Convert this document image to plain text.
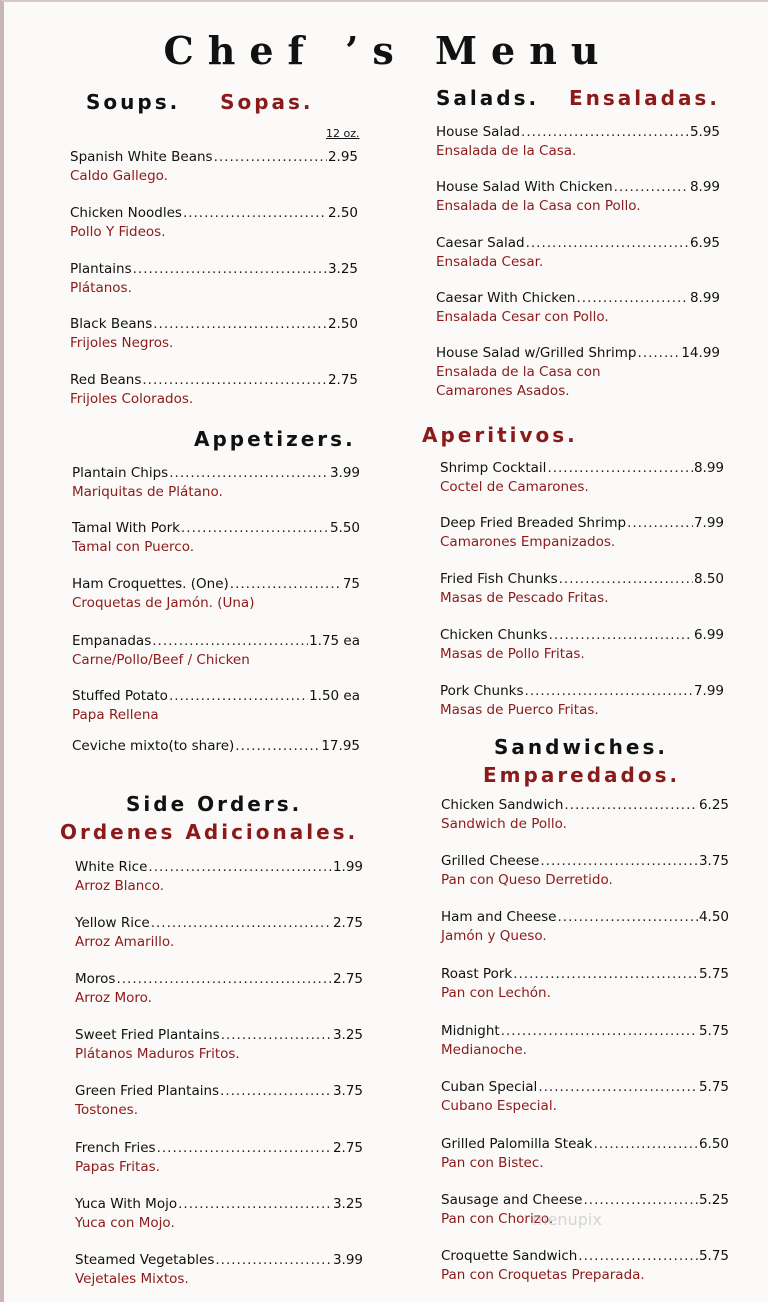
Chef ’s Menu
Soups. Sopas.
12 oz.
Salads. Ensaladas.
Appetizers.	Aperitivos.
Side Orders.
Ordenes Adicionales.
Sandwiches.
Emparedados.
Spanish White Beans .....	2.95
Caldo Gallego.
Chicken Noodles .....	2.50
Pollo Y Fideos.
Plantains .....	3.25
Plátanos.
Black Beans .....	2.50
Frijoles Negros.
Red Beans .....	2.75
Frijoles Colorados.
House Salad .....	5.95
Ensalada de la Casa.
House Salad With Chicken .....	8.99
Ensalada de la Casa con Pollo.
Caesar Salad .....	6.95
Ensalada Cesar.
Caesar With Chicken .....	8.99
Ensalada Cesar con Pollo.
House Salad w/Grilled Shrimp .....	14.99
Ensalada de la Casa con
Camarones Asados.
Plantain Chips .....	3.99
Mariquitas de Plátano.
Tamal With Pork .....	5.50
Tamal con Puerco.
Ham Croquettes. (One) .....	75
Croquetas de Jamón. (Una)
Empanadas .....	1.75 ea
Carne/Pollo/Beef / Chicken
Stuffed Potato .....	1.50 ea
Papa Rellena
Ceviche mixto(to share) .....	17.95
Shrimp Cocktail .....	8.99
Coctel de Camarones.
Deep Fried Breaded Shrimp .....	7.99
Camarones Empanizados.
Fried Fish Chunks .....	8.50
Masas de Pescado Fritas.
Chicken Chunks .....	6.99
Masas de Pollo Fritas.
Pork Chunks .....	7.99
Masas de Puerco Fritas.
White Rice .....	1.99
Arroz Blanco.
Yellow Rice .....	2.75
Arroz Amarillo.
Moros .....	2.75
Arroz Moro.
Sweet Fried Plantains .....	3.25
Plátanos Maduros Fritos.
Green Fried Plantains .....	3.75
Tostones.
French Fries .....	2.75
Papas Fritas.
Yuca With Mojo .....	3.25
Yuca con Mojo.
Steamed Vegetables .....	3.99
Vejetales Mixtos.
Chicken Sandwich .....	6.25
Sandwich de Pollo.
Grilled Cheese .....	3.75
Pan con Queso Derretido.
Ham and Cheese .....	4.50
Jamón y Queso.
Roast Pork .....	5.75
Pan con Lechón.
Midnight .....	5.75
Medianoche.
Cuban Special .....	5.75
Cubano Especial.
Grilled Palomilla Steak .....	6.50
Pan con Bistec.
Sausage and Cheese .....	5.25
Pan con Chorizo.
Croquette Sandwich .....	5.75
Pan con Croquetas Preparada.
menupix
